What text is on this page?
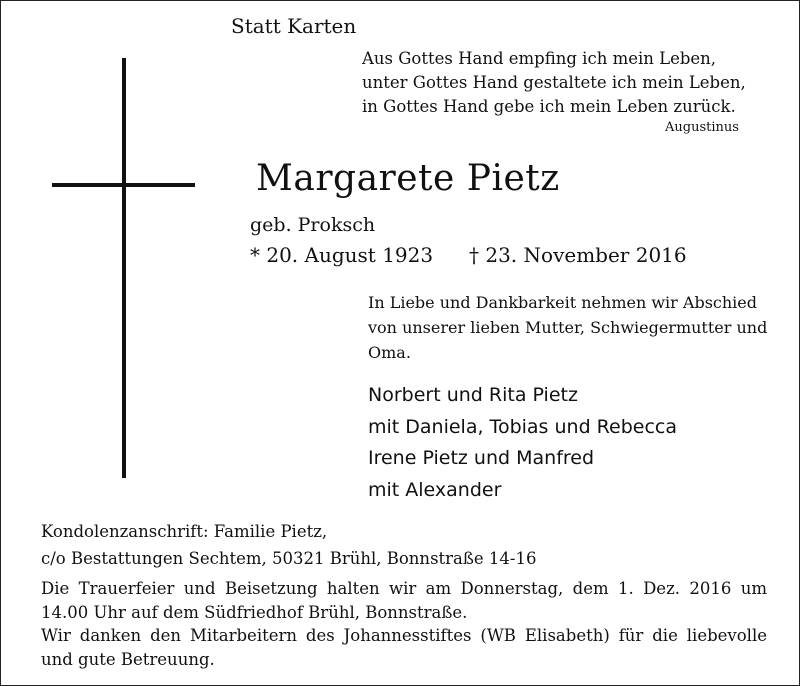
Statt Karten
Aus Gottes Hand empfing ich mein Leben,
unter Gottes Hand gestaltete ich mein Leben,
in Gottes Hand gebe ich mein Leben zurück.
Augustinus
Margarete Pietz
geb. Proksch
* 20. August 1923 † 23. November 2016
In Liebe und Dankbarkeit nehmen wir Abschied
von unserer lieben Mutter, Schwiegermutter und
Oma.
Norbert und Rita Pietz
mit Daniela, Tobias und Rebecca
Irene Pietz und Manfred
mit Alexander
Kondolenzanschrift: Familie Pietz,
c/o Bestattungen Sechtem, 50321 Brühl, Bonnstraße 14-16

Die Trauerfeier und Beisetzung halten wir am Donnerstag, dem 1. Dez. 2016 um 14.00 Uhr auf dem Südfriedhof Brühl, Bonnstraße.

Wir danken den Mitarbeitern des Johannesstiftes (WB Elisabeth) für die liebevolle und gute Betreuung.
